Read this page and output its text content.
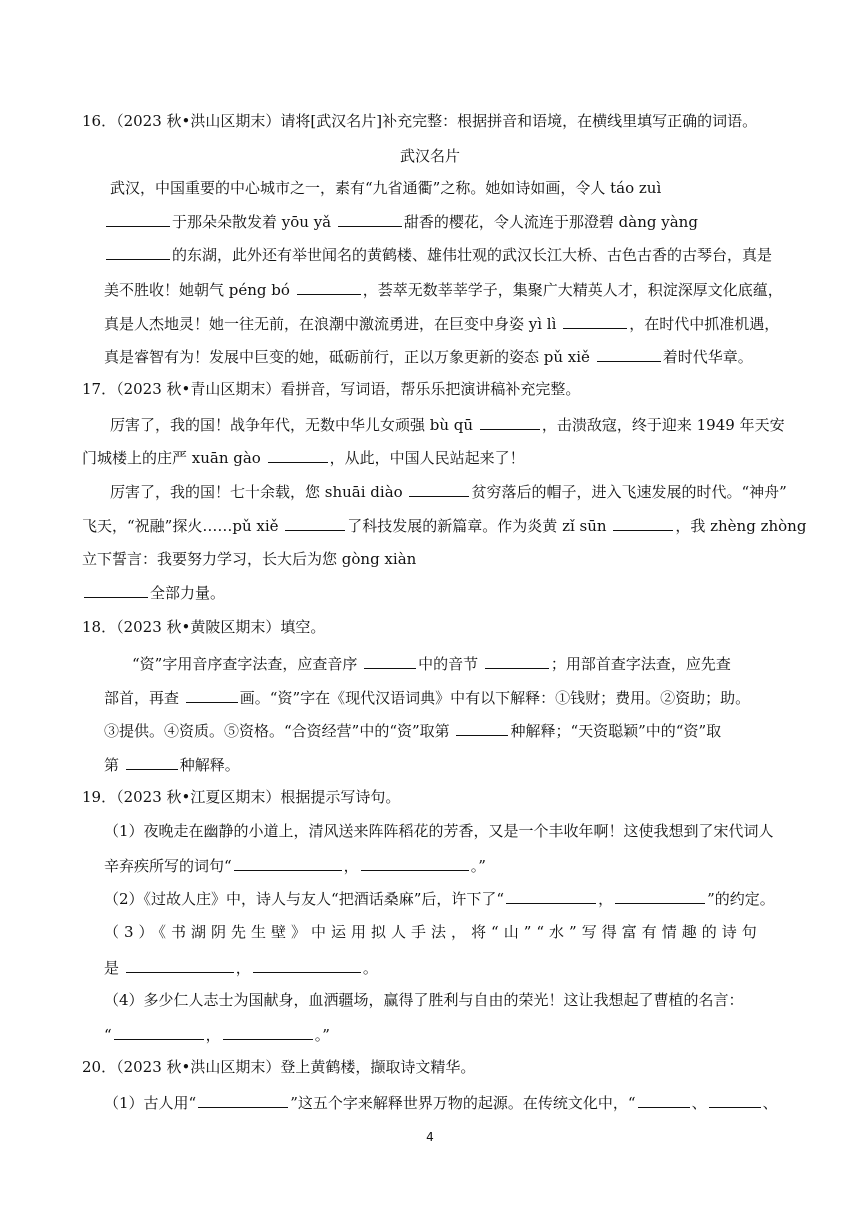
16．（2023 秋•洪山区期末）请将[武汉名片]补充完整：根据拼音和语境，在横线里填写正确的词语。
武汉名片
武汉，中国重要的中心城市之一，素有“九省通衢”之称。她如诗如画，令人 táo zuì
于那朵朵散发着 yōu yǎ	甜香的樱花，令人流连于那澄碧 dàng yàng
的东湖，此外还有举世闻名的黄鹤楼、雄伟壮观的武汉长江大桥、古色古香的古琴台，真是
美不胜收！她朝气 péng bó	，荟萃无数莘莘学子，集聚广大精英人才，积淀深厚文化底蕴，
真是人杰地灵！她一往无前，在浪潮中激流勇进，在巨变中身姿 yì lì	，在时代中抓准机遇，
真是睿智有为！发展中巨变的她，砥砺前行，正以万象更新的姿态 pǔ xiě	着时代华章。
17．（2023 秋•青山区期末）看拼音，写词语，帮乐乐把演讲稿补充完整。
厉害了，我的国！战争年代，无数中华儿女顽强 bù qū	，击溃敌寇，终于迎来 1949 年天安
门城楼上的庄严 xuān gào	，从此，中国人民站起来了！
厉害了，我的国！七十余载，您 shuāi diào	贫穷落后的帽子，进入飞速发展的时代。“神舟”
飞天，“祝融”探火……pǔ xiě	了科技发展的新篇章。作为炎黄 zǐ sūn	，我 zhèng zhòng
立下誓言：我要努力学习，长大后为您 gòng xiàn
全部力量。
18．（2023 秋•黄陂区期末）填空。
“资”字用音序查字法查，应查音序	中的音节	；用部首查字法查，应先查
部首，再查	画。“资”字在《现代汉语词典》中有以下解释：①钱财；费用。②资助；助。
③提供。④资质。⑤资格。“合资经营”中的“资”取第	种解释；“天资聪颖”中的“资”取
第	种解释。
19．（2023 秋•江夏区期末）根据提示写诗句。
（1）夜晚走在幽静的小道上，清风送来阵阵稻花的芳香，又是一个丰收年啊！这使我想到了宋代词人
辛弃疾所写的词句“	，	。”
（2）《过故人庄》中，诗人与友人“把酒话桑麻”后，许下了“	，	”的约定。
（3）《书湖阴先生壁》中运用拟人手法，将“山”“水”写得富有情趣的诗句
是	，	。
（4）多少仁人志士为国献身，血洒疆场，赢得了胜利与自由的荣光！这让我想起了曹植的名言：
“	，	。”
20．（2023 秋•洪山区期末）登上黄鹤楼，撷取诗文精华。
（1）古人用“	”这五个字来解释世界万物的起源。在传统文化中，“	、	、
4
